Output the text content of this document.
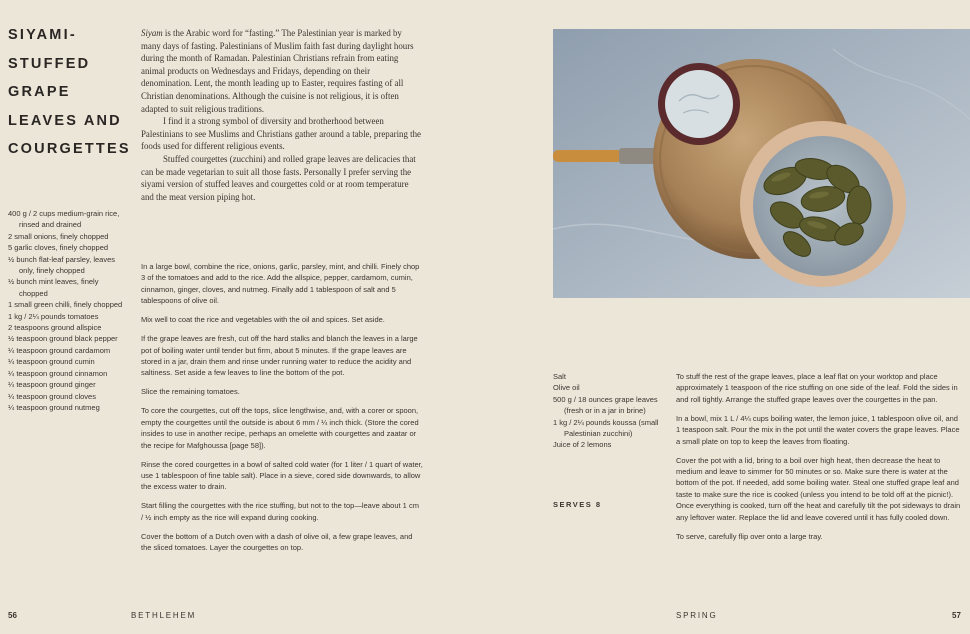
SIYAMI-
STUFFED
GRAPE
LEAVES AND
COURGETTES

Siyam is the Arabic word for “fasting.” The Palestinian year is marked by many days of fasting. Palestinians of Muslim faith fast during daylight hours during the month of Ramadan. Palestinian Christians refrain from eating animal products on Wednesdays and Fridays, depending on their denomination. Lent, the month leading up to Easter, requires fasting of all Christian denominations. Although the cuisine is not religious, it is often adapted to suit religious traditions.

I find it a strong symbol of diversity and brotherhood between Palestinians to see Muslims and Christians gather around a table, preparing the foods used for different religious events.

Stuffed courgettes (zucchini) and rolled grape leaves are delicacies that can be made vegetarian to suit all those fasts. Personally I prefer serving the siyami version of stuffed leaves and courgettes cold or at room temperature and the meat version piping hot.

400 g / 2 cups medium-grain rice, rinsed and drained
2 small onions, finely chopped
5 garlic cloves, finely chopped
½ bunch flat-leaf parsley, leaves only, finely chopped
½ bunch mint leaves, finely chopped
1 small green chilli, finely chopped
1 kg / 2¼ pounds tomatoes
2 teaspoons ground allspice
½ teaspoon ground black pepper
¼ teaspoon ground cardamom
¼ teaspoon ground cumin
¼ teaspoon ground cinnamon
¼ teaspoon ground ginger
¼ teaspoon ground cloves
¼ teaspoon ground nutmeg

In a large bowl, combine the rice, onions, garlic, parsley, mint, and chilli. Finely chop 3 of the tomatoes and add to the rice. Add the allspice, pepper, cardamom, cumin, cinnamon, ginger, cloves, and nutmeg. Finally add 1 tablespoon of salt and 5 tablespoons of olive oil.

Mix well to coat the rice and vegetables with the oil and spices. Set aside.

If the grape leaves are fresh, cut off the hard stalks and blanch the leaves in a large pot of boiling water until tender but firm, about 5 minutes. If the grape leaves are stored in a jar, drain them and rinse under running water to reduce the acidity and saltiness. Set aside a few leaves to line the bottom of the pot.

Slice the remaining tomatoes.

To core the courgettes, cut off the tops, slice lengthwise, and, with a corer or spoon, empty the courgettes until the outside is about 6 mm / ¼ inch thick. (Store the cored insides to use in another recipe, perhaps an omelette with courgettes and zaatar or the recipe for Mafghoussa [page 58]).

Rinse the cored courgettes in a bowl of salted cold water (for 1 liter / 1 quart of water, use 1 tablespoon of fine table salt). Place in a sieve, cored side downwards, to allow the excess water to drain.

Start filling the courgettes with the rice stuffing, but not to the top—leave about 1 cm / ½ inch empty as the rice will expand during cooking.

Cover the bottom of a Dutch oven with a dash of olive oil, a few grape leaves, and the sliced tomatoes. Layer the courgettes on top.

56	BETHLEHEM
Salt
Olive oil
500 g / 18 ounces grape leaves (fresh or in a jar in brine)
1 kg / 2¼ pounds koussa (small Palestinian zucchini)
Juice of 2 lemons
SERVES 8

To stuff the rest of the grape leaves, place a leaf flat on your worktop and place approximately 1 teaspoon of the rice stuffing on one side of the leaf. Fold the sides in and roll tightly. Arrange the stuffed grape leaves over the courgettes in the pan.

In a bowl, mix 1 L / 4¼ cups boiling water, the lemon juice, 1 tablespoon olive oil, and 1 teaspoon salt. Pour the mix in the pot until the water covers the grape leaves. Place a small plate on top to keep the leaves from floating.

Cover the pot with a lid, bring to a boil over high heat, then decrease the heat to medium and leave to simmer for 50 minutes or so. Make sure there is water at the bottom of the pot. If needed, add some boiling water. Steal one stuffed grape leaf and taste to make sure the rice is cooked (unless you intend to be told off at the picnic!). Once everything is cooked, turn off the heat and carefully tilt the pot sideways to drain any leftover water. Replace the lid and leave covered until it has fully cooled down.

To serve, carefully flip over onto a large tray.

SPRING	57
